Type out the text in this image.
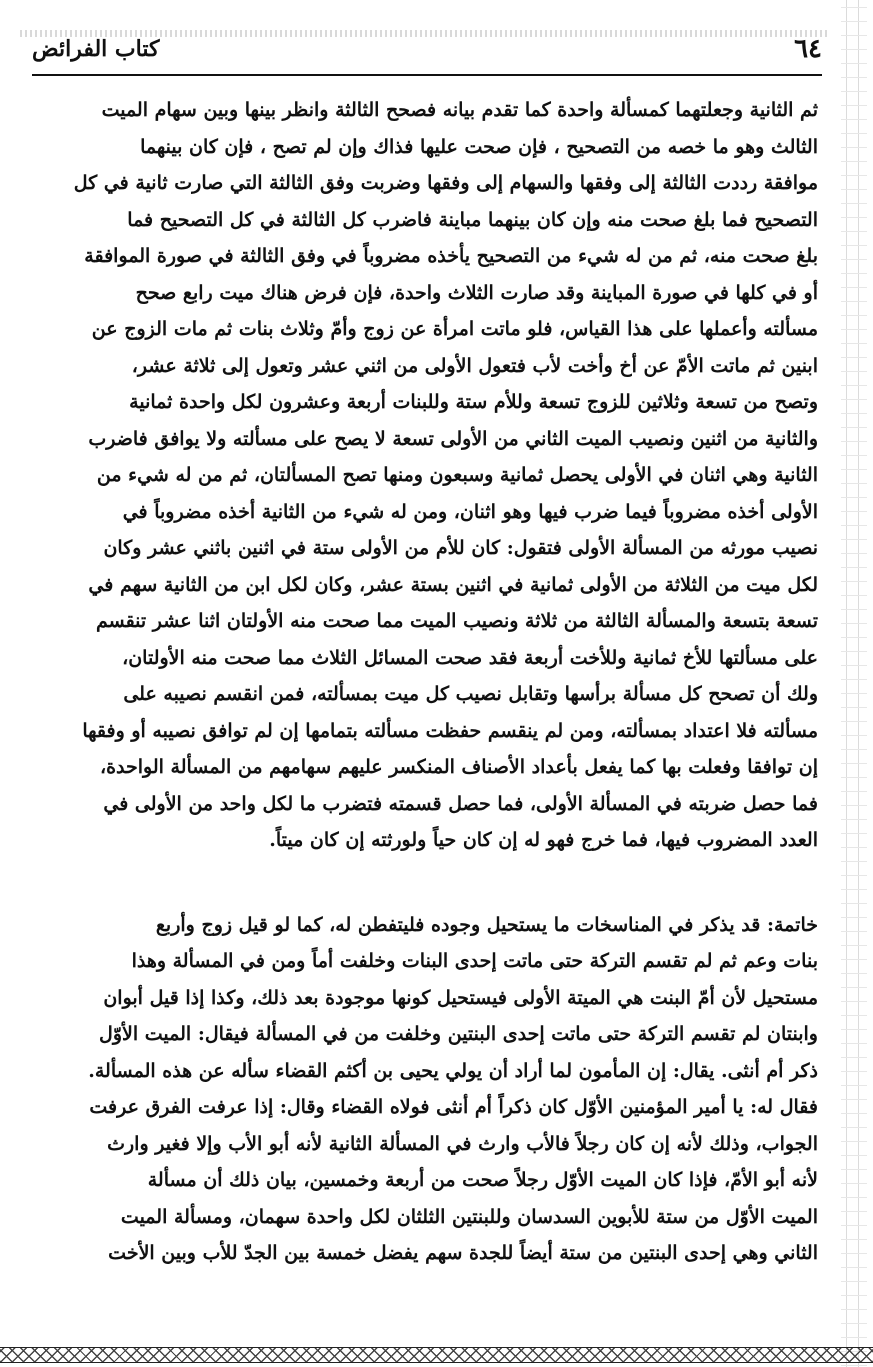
كتاب الفرائض	٦٤
ثم الثانية وجعلتهما كمسألة واحدة كما تقدم بيانه فصحح الثالثة وانظر بينها وبين سهام الميت
الثالث وهو ما خصه من التصحيح ، فإن صحت عليها فذاك وإن لم تصح ، فإن كان بينهما
موافقة رددت الثالثة إلى وفقها والسهام إلى وفقها وضربت وفق الثالثة التي صارت ثانية في كل
التصحيح فما بلغ صحت منه وإن كان بينهما مباينة فاضرب كل الثالثة في كل التصحيح فما
بلغ صحت منه، ثم من له شيء من التصحيح يأخذه مضروباً في وفق الثالثة في صورة الموافقة
أو في كلها في صورة المباينة وقد صارت الثلاث واحدة، فإن فرض هناك ميت رابع صحح
مسألته وأعملها على هذا القياس، فلو ماتت امرأة عن زوج وأمّ وثلاث بنات ثم مات الزوج عن
ابنين ثم ماتت الأمّ عن أخ وأخت لأب فتعول الأولى من اثني عشر وتعول إلى ثلاثة عشر،
وتصح من تسعة وثلاثين للزوج تسعة وللأم ستة وللبنات أربعة وعشرون لكل واحدة ثمانية
والثانية من اثنين ونصيب الميت الثاني من الأولى تسعة لا يصح على مسألته ولا يوافق فاضرب
الثانية وهي اثنان في الأولى يحصل ثمانية وسبعون ومنها تصح المسألتان، ثم من له شيء من
الأولى أخذه مضروباً فيما ضرب فيها وهو اثنان، ومن له شيء من الثانية أخذه مضروباً في
نصيب مورثه من المسألة الأولى فتقول: كان للأم من الأولى ستة في اثنين باثني عشر وكان
لكل ميت من الثلاثة من الأولى ثمانية في اثنين بستة عشر، وكان لكل ابن من الثانية سهم في
تسعة بتسعة والمسألة الثالثة من ثلاثة ونصيب الميت مما صحت منه الأولتان اثنا عشر تنقسم
على مسألتها للأخ ثمانية وللأخت أربعة فقد صحت المسائل الثلاث مما صحت منه الأولتان،
ولك أن تصحح كل مسألة برأسها وتقابل نصيب كل ميت بمسألته، فمن انقسم نصيبه على
مسألته فلا اعتداد بمسألته، ومن لم ينقسم حفظت مسألته بتمامها إن لم توافق نصيبه أو وفقها
إن توافقا وفعلت بها كما يفعل بأعداد الأصناف المنكسر عليهم سهامهم من المسألة الواحدة،
فما حصل ضربته في المسألة الأولى، فما حصل قسمته فتضرب ما لكل واحد من الأولى في
العدد المضروب فيها، فما خرج فهو له إن كان حياً ولورثته إن كان ميتاً.
خاتمة: قد يذكر في المناسخات ما يستحيل وجوده فليتفطن له، كما لو قيل زوج وأربع
بنات وعم ثم لم تقسم التركة حتى ماتت إحدى البنات وخلفت أماً ومن في المسألة وهذا
مستحيل لأن أمّ البنت هي الميتة الأولى فيستحيل كونها موجودة بعد ذلك، وكذا إذا قيل أبوان
وابنتان لم تقسم التركة حتى ماتت إحدى البنتين وخلفت من في المسألة فيقال: الميت الأوّل
ذكر أم أنثى. يقال: إن المأمون لما أراد أن يولي يحيى بن أكثم القضاء سأله عن هذه المسألة.
فقال له: يا أمير المؤمنين الأوّل كان ذكراً أم أنثى فولاه القضاء وقال: إذا عرفت الفرق عرفت
الجواب، وذلك لأنه إن كان رجلاً فالأب وارث في المسألة الثانية لأنه أبو الأب وإلا فغير وارث
لأنه أبو الأمّ، فإذا كان الميت الأوّل رجلاً صحت من أربعة وخمسين، بيان ذلك أن مسألة
الميت الأوّل من ستة للأبوين السدسان وللبنتين الثلثان لكل واحدة سهمان، ومسألة الميت
الثاني وهي إحدى البنتين من ستة أيضاً للجدة سهم يفضل خمسة بين الجدّ للأب وبين الأخت
